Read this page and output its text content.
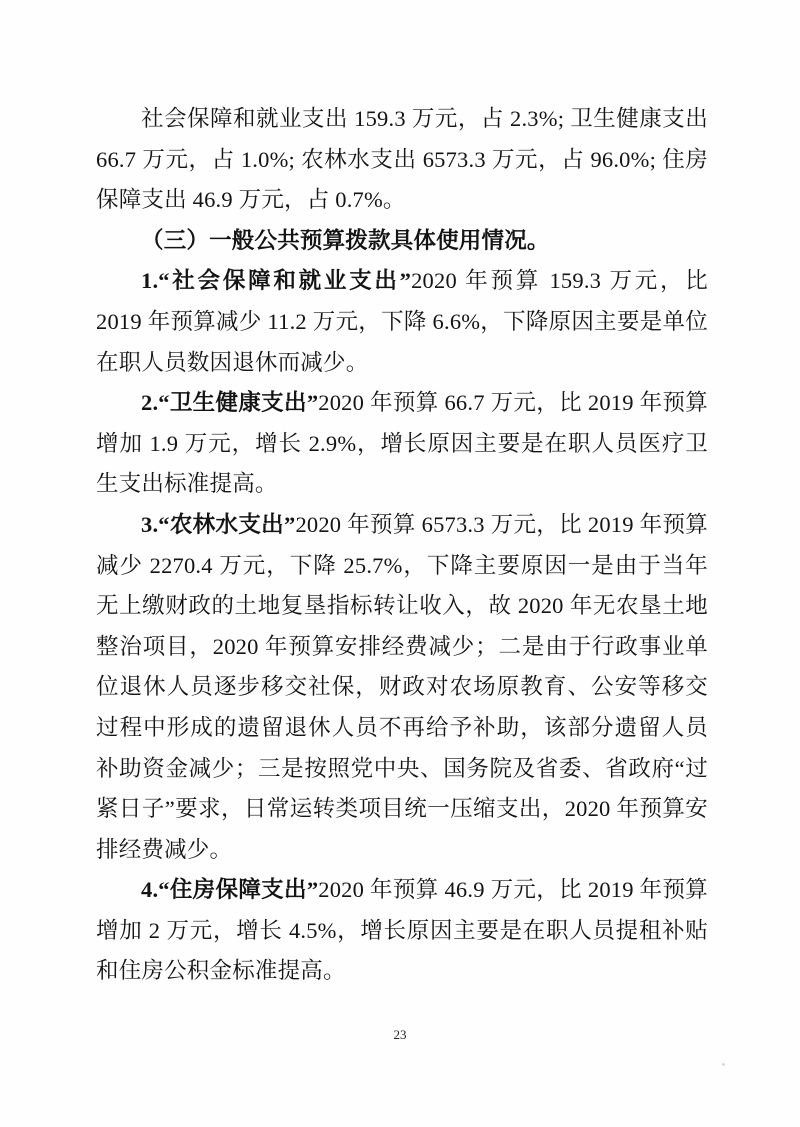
社会保障和就业支出 159.3 万元，占 2.3%; 卫生健康支出 66.7 万元，占 1.0%; 农林水支出 6573.3 万元，占 96.0%; 住房保障支出 46.9 万元，占 0.7%。

（三）一般公共预算拨款具体使用情况。

1.“社会保障和就业支出”2020 年预算 159.3 万元，比 2019 年预算减少 11.2 万元，下降 6.6%，下降原因主要是单位在职人员数因退休而减少。

2.“卫生健康支出”2020 年预算 66.7 万元，比 2019 年预算增加 1.9 万元，增长 2.9%，增长原因主要是在职人员医疗卫生支出标准提高。

3.“农林水支出”2020 年预算 6573.3 万元，比 2019 年预算减少 2270.4 万元，下降 25.7%，下降主要原因一是由于当年无上缴财政的土地复垦指标转让收入，故 2020 年无农垦土地整治项目，2020 年预算安排经费减少；二是由于行政事业单位退休人员逐步移交社保，财政对农场原教育、公安等移交过程中形成的遗留退休人员不再给予补助，该部分遗留人员补助资金减少；三是按照党中央、国务院及省委、省政府“过紧日子”要求，日常运转类项目统一压缩支出，2020 年预算安排经费减少。

4.“住房保障支出”2020 年预算 46.9 万元，比 2019 年预算增加 2 万元，增长 4.5%，增长原因主要是在职人员提租补贴和住房公积金标准提高。

23
